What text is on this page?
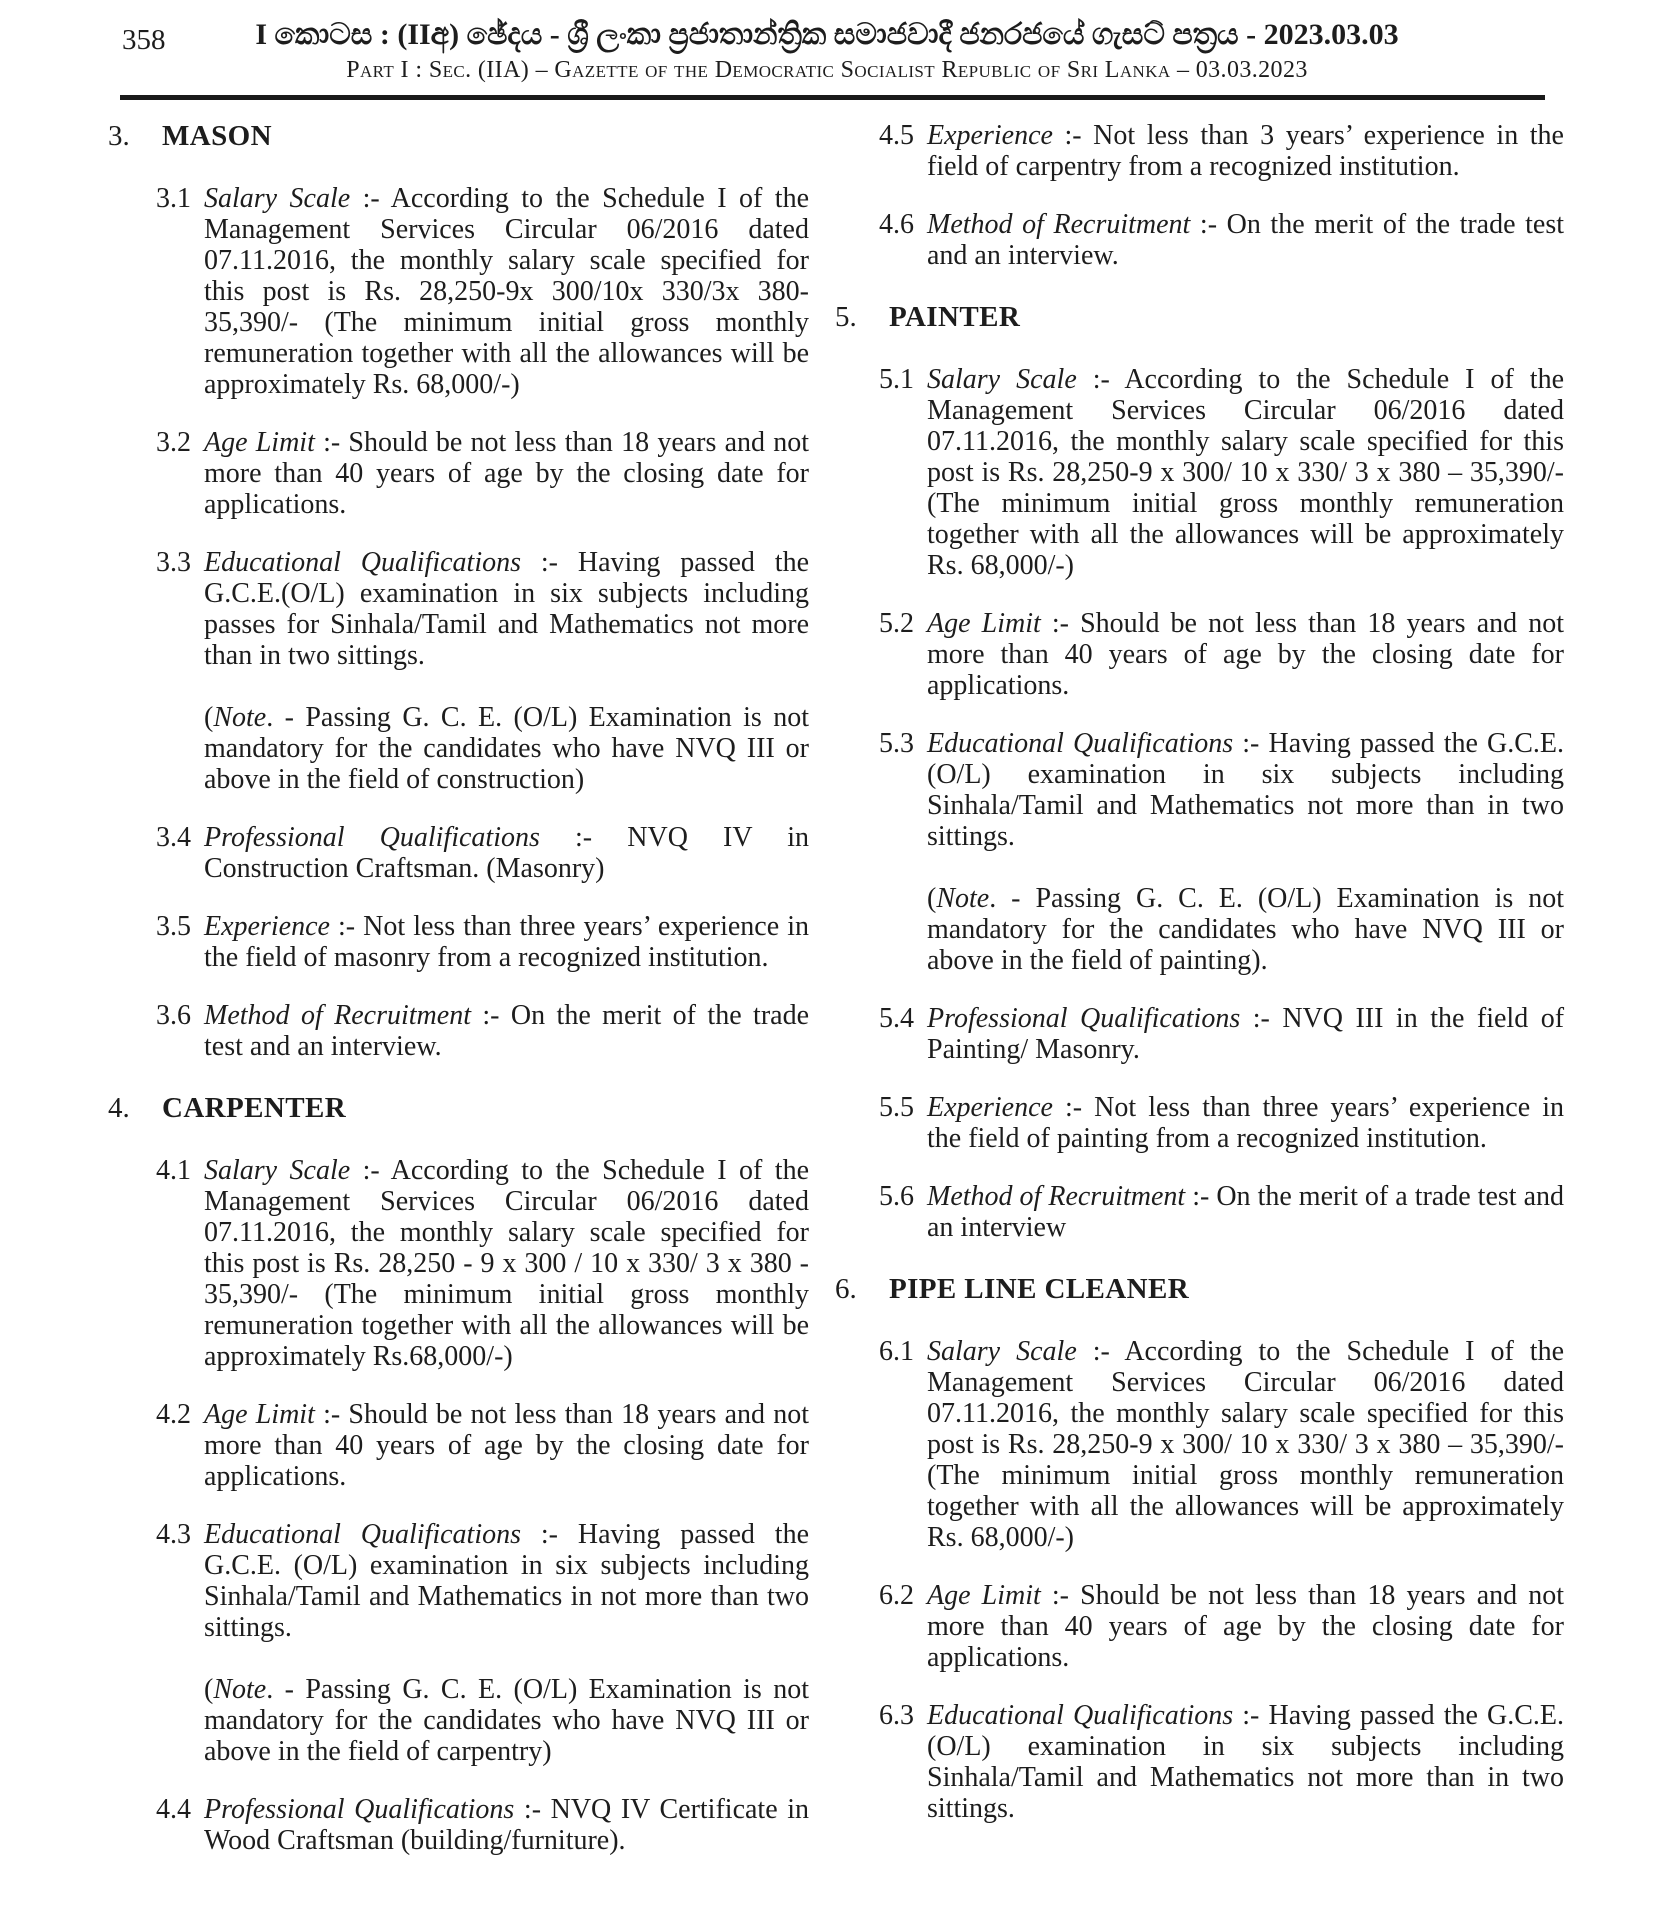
358	I කොටස : (IIඅ) ඡේදය - ශ්‍රී ලංකා ප්‍රජාතාන්ත්‍රික සමාජවාදී ජනරජයේ ගැසට් පත්‍රය - 2023.03.03
Part I : Sec. (IIA) – Gazette of the Democratic Socialist Republic of Sri Lanka – 03.03.2023
3.	MASON
3.1 Salary Scale :- According to the Schedule I of the Management Services Circular 06/2016 dated 07.11.2016, the monthly salary scale specified for this post is Rs. 28,250-9x 300/10x 330/3x 380-35,390/- (The minimum initial gross monthly remuneration together with all the allowances will be approximately Rs. 68,000/-)

3.2 Age Limit :- Should be not less than 18 years and not more than 40 years of age by the closing date for applications.

3.3 Educational Qualifications :- Having passed the G.C.E.(O/L) examination in six subjects including passes for Sinhala/Tamil and Mathematics not more than in two sittings.

(Note. - Passing G. C. E. (O/L) Examination is not mandatory for the candidates who have NVQ III or above in the field of construction)

3.4 Professional Qualifications :- NVQ IV in Construction Craftsman. (Masonry)

3.5 Experience :- Not less than three years’ experience in the field of masonry from a recognized institution.

3.6 Method of Recruitment :- On the merit of the trade test and an interview.

4.	CARPENTER
4.1 Salary Scale :- According to the Schedule I of the Management Services Circular 06/2016 dated 07.11.2016, the monthly salary scale specified for this post is Rs. 28,250 - 9 x 300 / 10 x 330/ 3 x 380 - 35,390/- (The minimum initial gross monthly remuneration together with all the allowances will be approximately Rs.68,000/-)

4.2 Age Limit :- Should be not less than 18 years and not more than 40 years of age by the closing date for applications.

4.3 Educational Qualifications :- Having passed the G.C.E. (O/L) examination in six subjects including Sinhala/Tamil and Mathematics in not more than two sittings.

(Note. - Passing G. C. E. (O/L) Examination is not mandatory for the candidates who have NVQ III or above in the field of carpentry)

4.4 Professional Qualifications :- NVQ IV Certificate in Wood Craftsman (building/furniture).

4.5 Experience :- Not less than 3 years’ experience in the field of carpentry from a recognized institution.

4.6 Method of Recruitment :- On the merit of the trade test and an interview.

5.	PAINTER
5.1 Salary Scale :- According to the Schedule I of the Management Services Circular 06/2016 dated 07.11.2016, the monthly salary scale specified for this post is Rs. 28,250-9 x 300/ 10 x 330/ 3 x 380 – 35,390/- (The minimum initial gross monthly remuneration together with all the allowances will be approximately Rs. 68,000/-)

5.2 Age Limit :- Should be not less than 18 years and not more than 40 years of age by the closing date for applications.

5.3 Educational Qualifications :- Having passed the G.C.E. (O/L) examination in six subjects including Sinhala/Tamil and Mathematics not more than in two sittings.

(Note. - Passing G. C. E. (O/L) Examination is not mandatory for the candidates who have NVQ III or above in the field of painting).

5.4 Professional Qualifications :- NVQ III in the field of Painting/ Masonry.

5.5 Experience :- Not less than three years’ experience in the field of painting from a recognized institution.

5.6 Method of Recruitment :- On the merit of a trade test and an interview

6.	PIPE LINE CLEANER
6.1 Salary Scale :- According to the Schedule I of the Management Services Circular 06/2016 dated 07.11.2016, the monthly salary scale specified for this post is Rs. 28,250-9 x 300/ 10 x 330/ 3 x 380 – 35,390/- (The minimum initial gross monthly remuneration together with all the allowances will be approximately Rs. 68,000/-)

6.2 Age Limit :- Should be not less than 18 years and not more than 40 years of age by the closing date for applications.

6.3 Educational Qualifications :- Having passed the G.C.E. (O/L) examination in six subjects including Sinhala/Tamil and Mathematics not more than in two sittings.
